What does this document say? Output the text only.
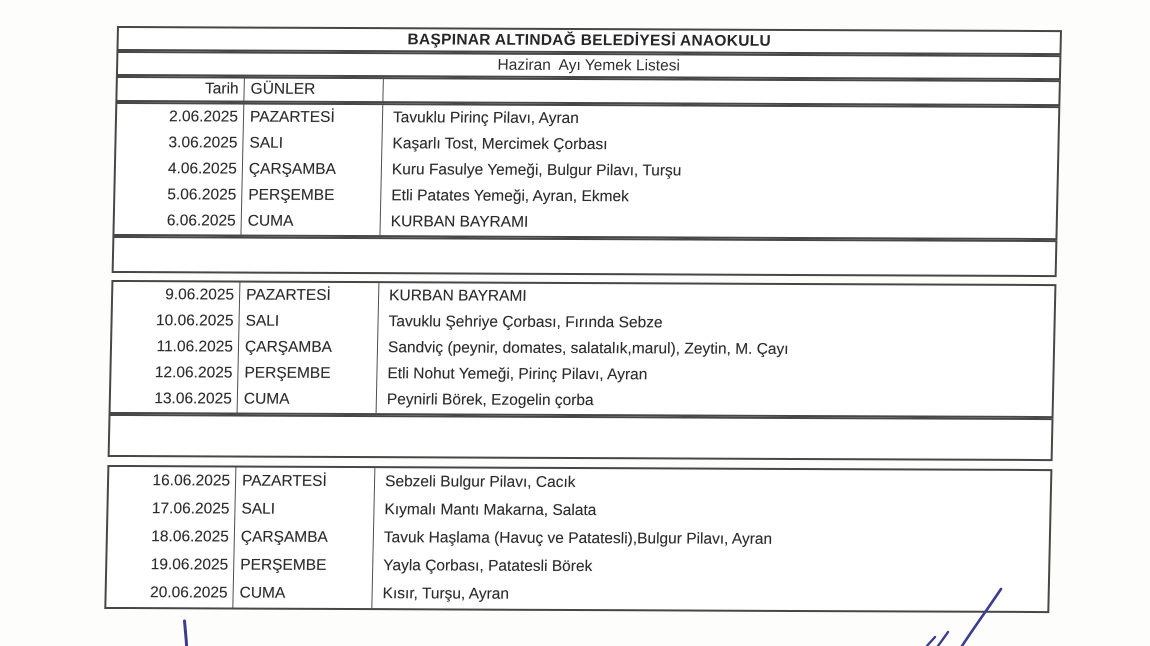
BAŞPINAR ALTINDAĞ BELEDİYESİ ANAOKULU
Haziran  Ayı Yemek Listesi
Tarih GÜNLER
2.06.2025 PAZARTESİ	Tavuklu Pirinç Pilavı, Ayran
3.06.2025 SALI	Kaşarlı Tost, Mercimek Çorbası
4.06.2025 ÇARŞAMBA	Kuru Fasulye Yemeği, Bulgur Pilavı, Turşu
5.06.2025 PERŞEMBE	Etli Patates Yemeği, Ayran, Ekmek
6.06.2025 CUMA	KURBAN BAYRAMI
9.06.2025 PAZARTESİ	KURBAN BAYRAMI
10.06.2025 SALI	Tavuklu Şehriye Çorbası, Fırında Sebze
11.06.2025 ÇARŞAMBA	Sandviç (peynir, domates, salatalık,marul), Zeytin, M. Çayı
12.06.2025 PERŞEMBE	Etli Nohut Yemeği, Pirinç Pilavı, Ayran
13.06.2025 CUMA	Peynirli Börek, Ezogelin çorba
16.06.2025 PAZARTESİ	Sebzeli Bulgur Pilavı, Cacık
17.06.2025 SALI	Kıymalı Mantı Makarna, Salata
18.06.2025 ÇARŞAMBA	Tavuk Haşlama (Havuç ve Patatesli),Bulgur Pilavı, Ayran
19.06.2025 PERŞEMBE	Yayla Çorbası, Patatesli Börek
20.06.2025 CUMA	Kısır, Turşu, Ayran
